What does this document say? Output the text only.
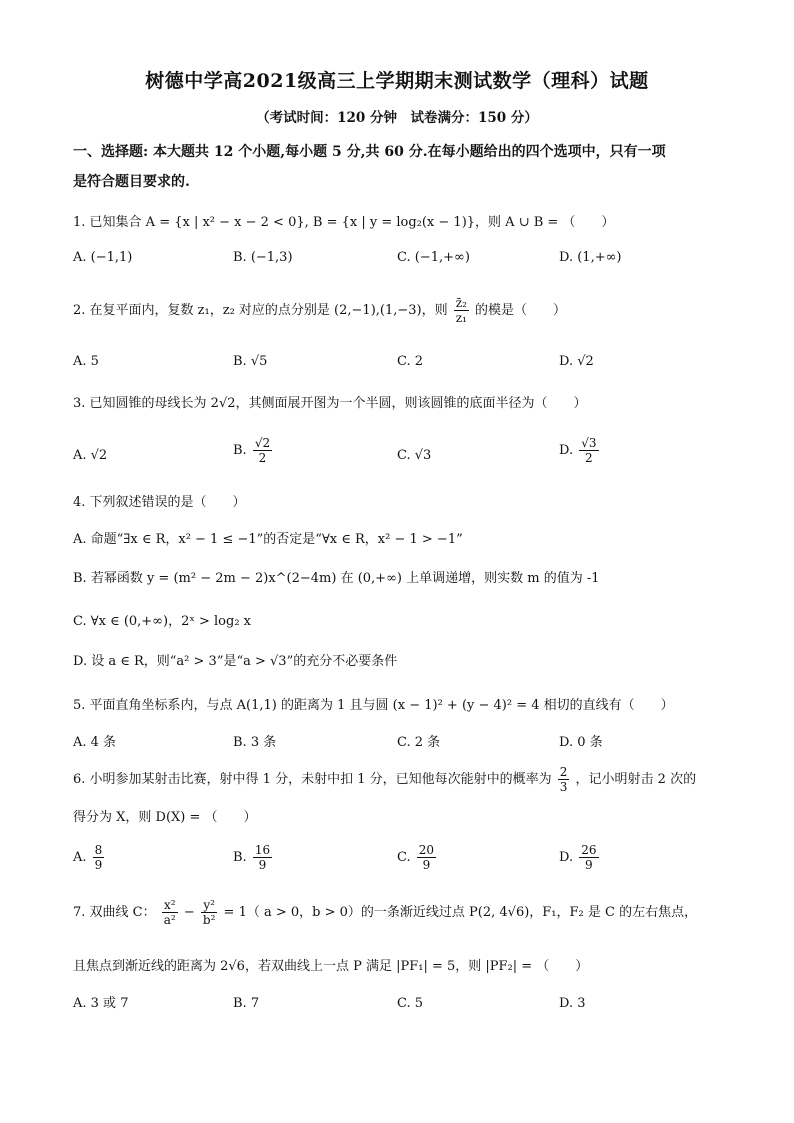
树德中学高2021级高三上学期期末测试数学（理科）试题
（考试时间：120 分钟　试卷满分：150 分）
一、选择题: 本大题共 12 个小题,每小题 5 分,共 60 分.在每小题给出的四个选项中，只有一项
是符合题目要求的.
1. 已知集合 A = {x | x² − x − 2 < 0}, B = {x | y = log₂(x − 1)}，则 A ∪ B = （　　）
A. (−1,1)	B. (−1,3)	C. (−1,+∞)	D. (1,+∞)
2. 在复平面内，复数 z₁，z₂ 对应的点分别是 (2,−1),(1,−3)，则 $\frac{\text{z̄₂}}{\text{z₁}}$ 的模是（　　）
A. 5	B. √5	C. 2	D. √2
3. 已知圆锥的母线长为 2√2，其侧面展开图为一个半圆，则该圆锥的底面半径为（　　）
A. √2	B. $\frac{√2}{2}$	C. √3	D. $\frac{√3}{2}$
4. 下列叙述错误的是（　　）
A. 命题“∃x ∈ R，x² − 1 ≤ −1”的否定是“∀x ∈ R，x² − 1 > −1”
B. 若幂函数 y = (m² − 2m − 2)x^(2−4m) 在 (0,+∞) 上单调递增，则实数 m 的值为 -1
C. ∀x ∈ (0,+∞)，2ˣ > log₂ x
D. 设 a ∈ R，则“a² > 3”是“a > √3”的充分不必要条件
5. 平面直角坐标系内，与点 A(1,1) 的距离为 1 且与圆 (x − 1)² + (y − 4)² = 4 相切的直线有（　　）
A. 4 条	B. 3 条	C. 2 条	D. 0 条
6. 小明参加某射击比赛，射中得 1 分，未射中扣 1 分，已知他每次能射中的概率为 $\frac{2}{3}$ ，记小明射击 2 次的
得分为 X，则 D(X) = （　　）
A. $\frac{8}{9}$	B. $\frac{16}{9}$	C. $\frac{20}{9}$	D. $\frac{26}{9}$
7. 双曲线 C： $\frac{\text{x²}}{\text{a²}} - \frac{\text{y²}}{\text{b²}} = 1$（ a > 0，b > 0）的一条渐近线过点 P(2, 4√6)，F₁，F₂ 是 C 的左右焦点，
且焦点到渐近线的距离为 2√6，若双曲线上一点 P 满足 |PF₁| = 5，则 |PF₂| = （　　）
A. 3 或 7	B. 7	C. 5	D. 3
